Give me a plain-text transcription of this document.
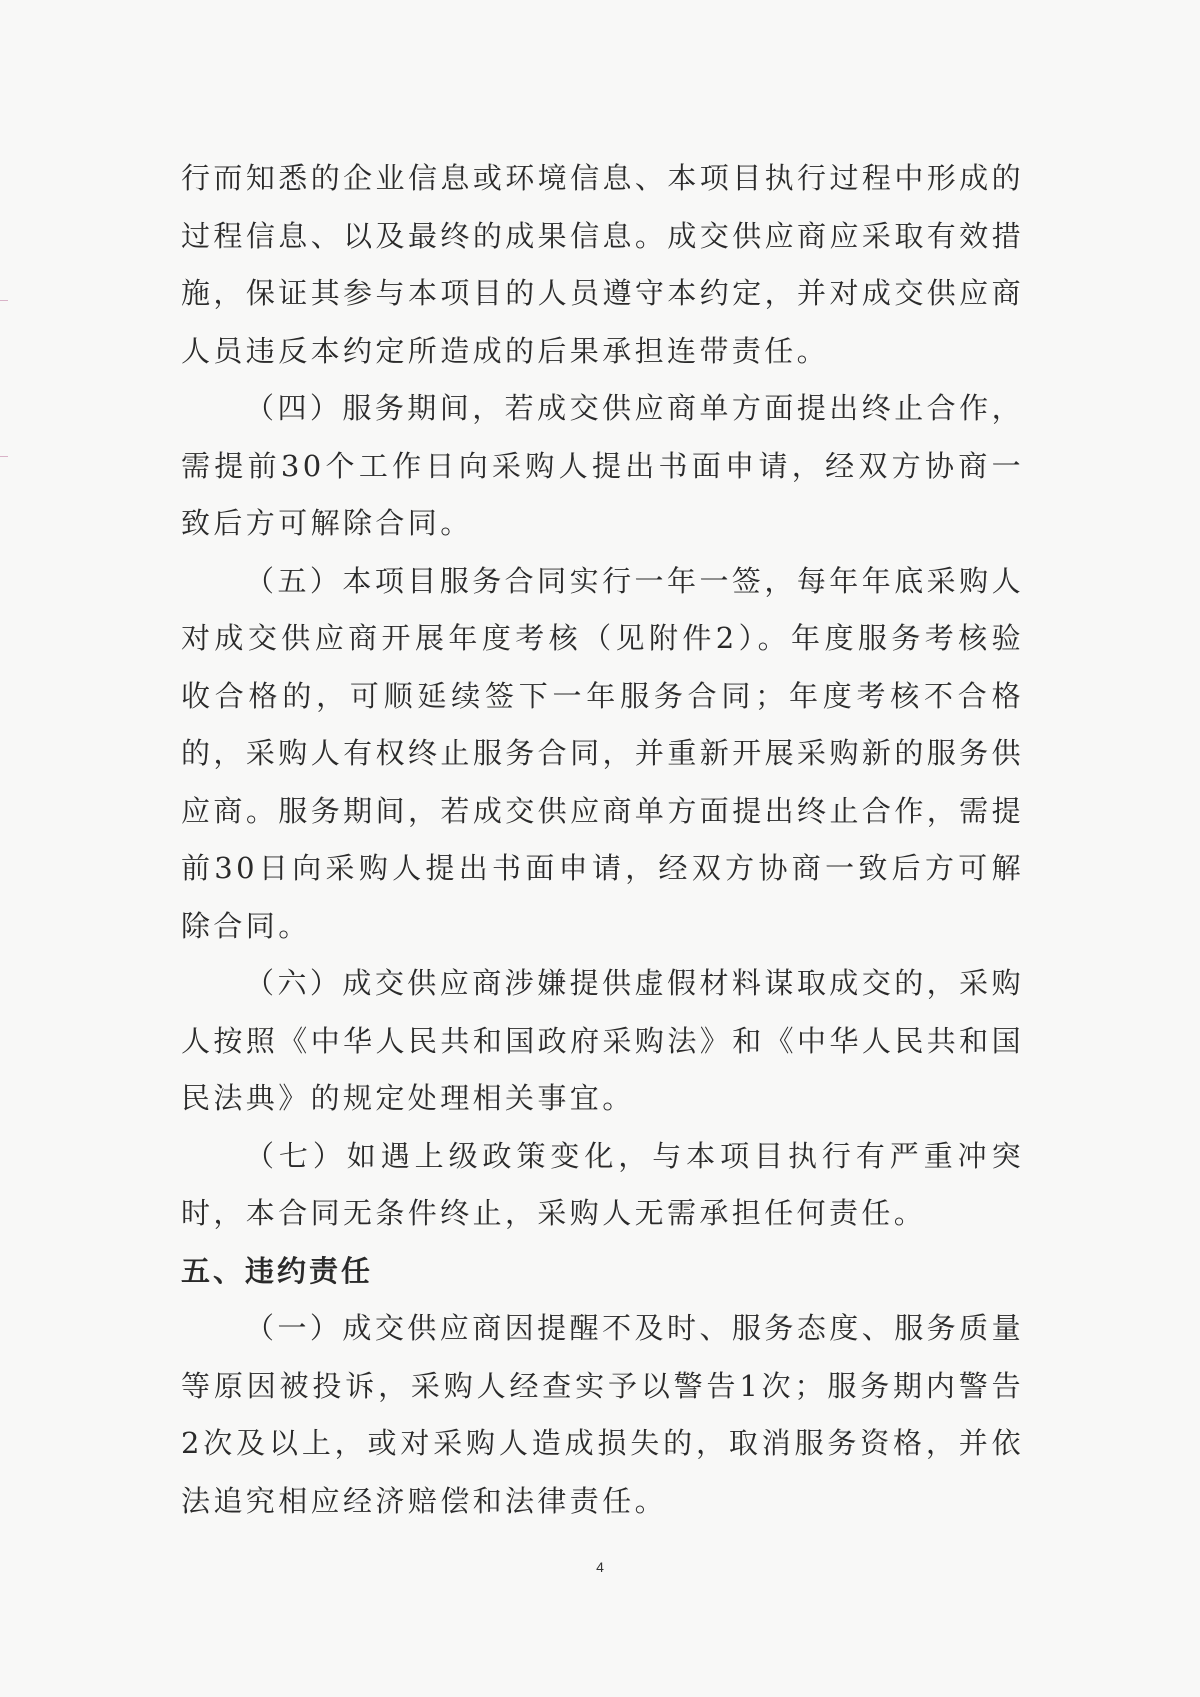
行而知悉的企业信息或环境信息、本项目执行过程中形成的过程信息、以及最终的成果信息。成交供应商应采取有效措施，保证其参与本项目的人员遵守本约定，并对成交供应商人员违反本约定所造成的后果承担连带责任。

（四）服务期间，若成交供应商单方面提出终止合作，需提前30个工作日向采购人提出书面申请，经双方协商一致后方可解除合同。

（五）本项目服务合同实行一年一签，每年年底采购人对成交供应商开展年度考核（见附件2）。年度服务考核验收合格的，可顺延续签下一年服务合同；年度考核不合格的，采购人有权终止服务合同，并重新开展采购新的服务供应商。服务期间，若成交供应商单方面提出终止合作，需提前30日向采购人提出书面申请，经双方协商一致后方可解除合同。

（六）成交供应商涉嫌提供虚假材料谋取成交的，采购人按照《中华人民共和国政府采购法》和《中华人民共和国民法典》的规定处理相关事宜。

（七）如遇上级政策变化，与本项目执行有严重冲突时，本合同无条件终止，采购人无需承担任何责任。

五、违约责任

（一）成交供应商因提醒不及时、服务态度、服务质量等原因被投诉，采购人经查实予以警告1次；服务期内警告2次及以上，或对采购人造成损失的，取消服务资格，并依法追究相应经济赔偿和法律责任。

4
